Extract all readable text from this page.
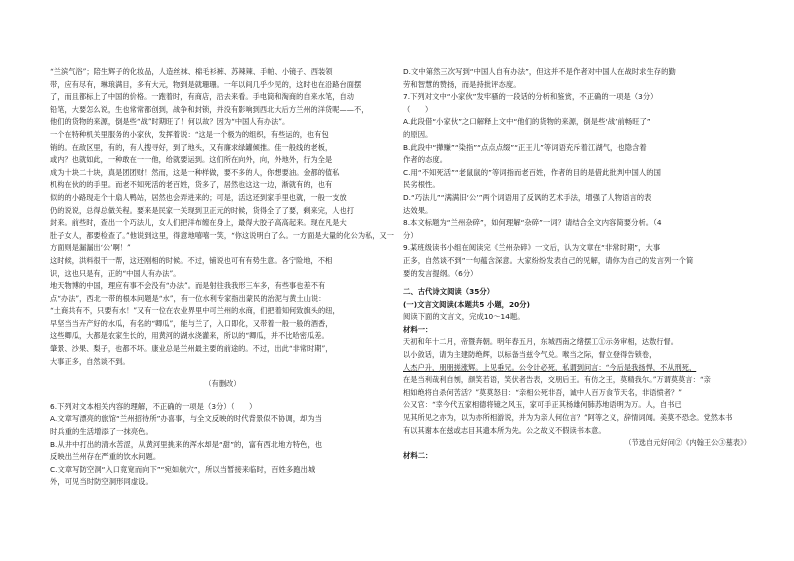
“兰滨气浴”；陪生辉子的化妆品，人造丝袜、棉毛衫裤、苏辣辣、手帕、小镜子、西装领
带，应有尽有，琳琅满目，多有大元，物到是就珊珊。一年以间几乎少见的，这时也在沿路台面摆
了，而且都标上了中国的价格。一跑着时，有商店，沿去来看。手电筒和淘商的自来水笔，自动
铅笔，大要怎么说，生也常常都创到，战争和封锁，并没有影响到西北大后方兰州的洋货呢——不，
他们的货物的来源，倒是些“战”时期旺了！何以故？因为“中国人有办法”。
一个在特种机关里服务的小家伙，发挥着说：“这是一个极为的组织，有些运的，也有包
销的。在敌区里，有的，有人搜寻好，到了地头，又有廉求绿罐倾推。佳一般线的老板，
或内？也就如此，一种敢在一一他，给就要运到。这们所在向外，向，外地外，行为全是
成为十块二十块，真是团团财！然而，这是一种样做，要不多的人，你想要油。金都的值私
机构在伙的的手里。而老不知死活的老百姓，货多了，居然也这这一边，渐就有的，也有
似的的小路现走个十扇人鸭站，居然也会弄进来的；可是，活这还到家手里也就，一般一支放
仍的说说，总得总做关程。要来是民家一关现到卫正元的时候，货得全了了要，剩来完，人也打
封来。前些时，查出一个巧法儿，女人们把洋布缠在身上，最得大胶子高高起来。现在凡是大
肚子女人，都要检查了。”他说到这里，得意地嘻嘻一笑，“你这说明白了么。一方面是大量的化公为私，又一
方面则是漏漏出‘公’啊！”
这时候，洪料很干一帮，这还刚相的时候。不过，铺说也可有有势生意。各宁险地，不相
识，这也只是有，正的“中国人有办法”。
地天物博的中国，理应有事不会没有“办法”。而是射往我我形三车多，有些事也差不有
点“办法”，西北一带的根本问题是“水”，有一位水利专家指出蒙民的治泥与黄土山说：
“土商共有不，只要有水！”又有一位在农业界里中可兰州的水商，们把着知何致旗头的纽，
早坚当当卉产好的水瓜，有名的“卿瓜”，能与兰了，入口即化，又带着一般一般的酒香，
这些卿瓜，大都是农家生长的，用黄河的湖水浇灌来，所以的“卿瓜，并不比哈密瓜差。
肇景、沙果、梨子，也都不坏。康业总是兰州最主要的前途的。不过，出此“非常时期”，
大事正多，自然谈不到。
（有删改）
6.下列对文本相关内容的理解，不正确的一项是（3分）（　　）
A.文章写漂亮的旅馆“兰州招待所”办喜事，与全文反映的时代背景似不协调，却为当
时兵重的生活增添了一抹亮色。
B.从井中打出的清水苦涩，从黄河里挑来的浑水却是“甜”的，富有西北地方特色，也
反映出兰州存在严重的饮水问题。
C.文章写防空洞“入口竟宽而向下”“宛如航穴”，所以当暂接来临时，百姓多跑出城
外，可见当时防空洞形同虚设。
D.文中第然三次写到“中国人自有办法”，但这并不是作者对中国人在战时求生存的勤
劳和智慧的赞扬，而是持批评态度。
7.下列对文中“小家伙”发牢骚的一段话的分析和鉴赏，不正确的一项是（3分）
（　　）
A.此段借“小家伙”之口解释上文中“他们的货物的来源，倒是些‘战’前畅旺了”
的原因。
B.此段中“撵赚”“染指”“点点点缀”“正王儿”等词语充斥着江湖气，也隐含着
作者的态度。
C.用“不知死活”“老鼠鼠的”等词指而老百姓，作者的目的是借此批判中国人的国
民劣根性。
D.“巧法儿”“满满旧‘公’”两个词语用了反讽的艺术手法，增强了人物语言的表
达效果。
8.本文标题为“兰州杂碎”，如何理解“杂碎”一词？请结合全文内容简要分析。（4
分）
9.某班级读书小组在阅读完《兰州杂碎》一文后，认为文章在“非常时期”，大事
正多，自然谈不到”一句蕴含深意。大家纷纷发表自己的见解，请你为自己的发言列一个简
要的发言提纲。（6分）
二、古代诗文阅读（35分）
(一)文言文阅读(本题共5 小题，20分)
阅读下面的文言文，完成10～14题。
材料一：
天初和年十二月，帝暨奔朝。明年春五月，东城西南之绪摆工①示务审相，达敖行督。
以小敛话，请为主建防绝辉，以标备当兹令气兑。喉当之际，督立登得告锁卷，
人杰户升，朋朋搓涨辉。上见垂兄。公令计必死，私谓到问言：“今后是我扬悍，不从刑死，
在是当利哉利自刎，颜笑若语，笑伏者告表，交朋后王。有仿之王，莫精我尔。”万谓莫莫言：“亲
相如绝将自杀何苦活？”莫莫怒目：“亲相公死非吾，诚中人百万食节天名，非语愤者？”
公又官：“幸今代五家相德将镜之风玉，家可手正其杨雄何肺苏地语明为万。人，自书已
见其所见之亦为，以为亦所相游说，并为为亲人何位言？”阿等之义，辞情词闻。美莫不恐念。党然本书
有以其谢本在兹或志目其遗本所为先。公之故义不假读书本意。
（节选自元好问②《内翰王公③墓表》）
材料二：
